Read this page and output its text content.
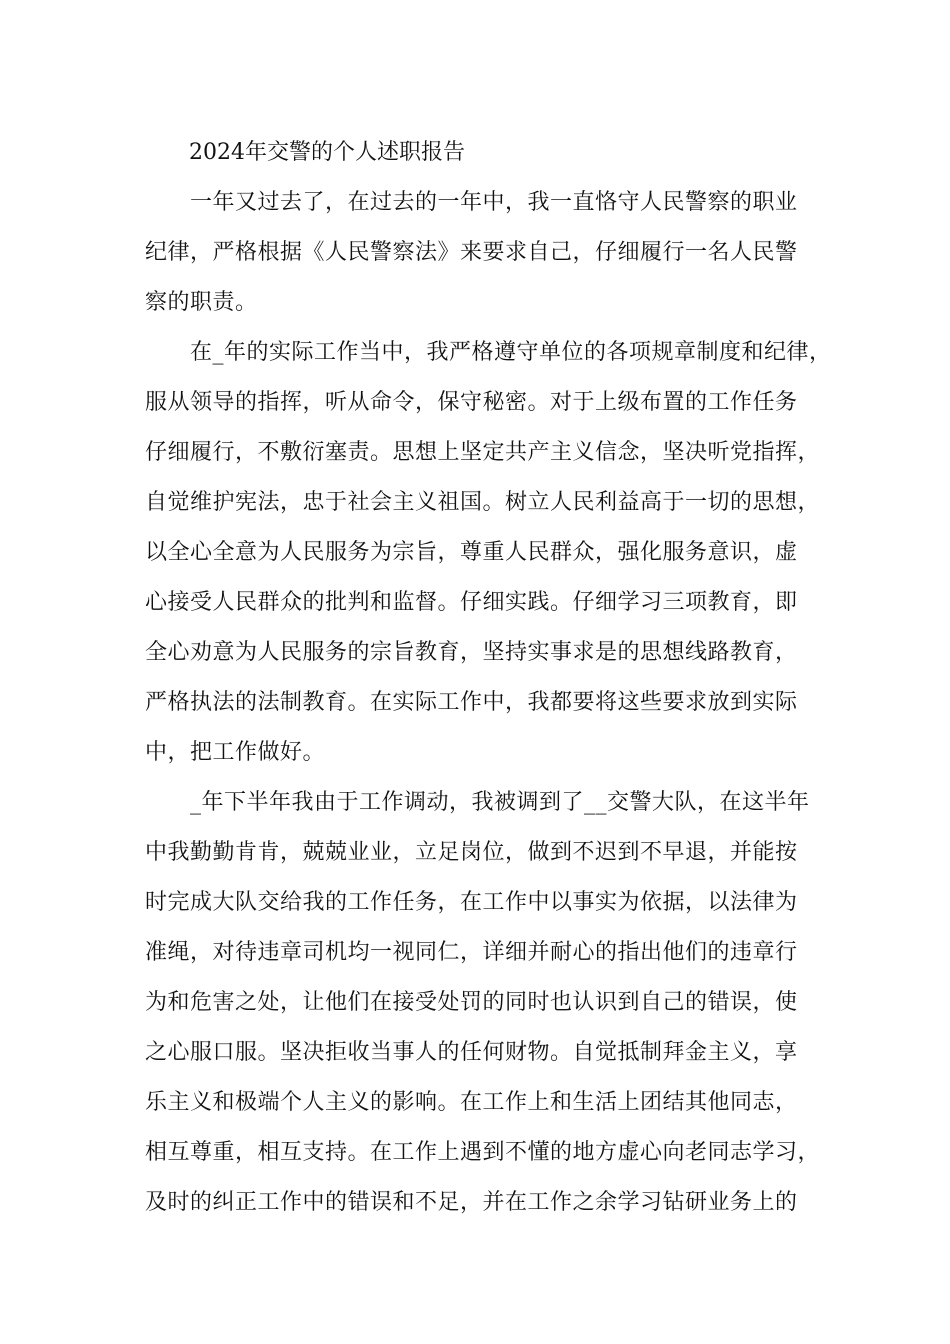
2024年交警的个人述职报告
　　一年又过去了，在过去的一年中，我一直恪守人民警察的职业
纪律，严格根据《人民警察法》来要求自己，仔细履行一名人民警
察的职责。
　　在_年的实际工作当中，我严格遵守单位的各项规章制度和纪律，
服从领导的指挥，听从命令，保守秘密。对于上级布置的工作任务
仔细履行，不敷衍塞责。思想上坚定共产主义信念，坚决听党指挥，
自觉维护宪法，忠于社会主义祖国。树立人民利益高于一切的思想，
以全心全意为人民服务为宗旨，尊重人民群众，强化服务意识，虚
心接受人民群众的批判和监督。仔细实践。仔细学习三项教育，即
全心劝意为人民服务的宗旨教育，坚持实事求是的思想线路教育，
严格执法的法制教育。在实际工作中，我都要将这些要求放到实际
中，把工作做好。
　　_年下半年我由于工作调动，我被调到了__交警大队，在这半年
中我勤勤肯肯，兢兢业业，立足岗位，做到不迟到不早退，并能按
时完成大队交给我的工作任务，在工作中以事实为依据，以法律为
准绳，对待违章司机均一视同仁，详细并耐心的指出他们的违章行
为和危害之处，让他们在接受处罚的同时也认识到自己的错误，使
之心服口服。坚决拒收当事人的任何财物。自觉抵制拜金主义，享
乐主义和极端个人主义的影响。在工作上和生活上团结其他同志，
相互尊重，相互支持。在工作上遇到不懂的地方虚心向老同志学习，
及时的纠正工作中的错误和不足，并在工作之余学习钻研业务上的
